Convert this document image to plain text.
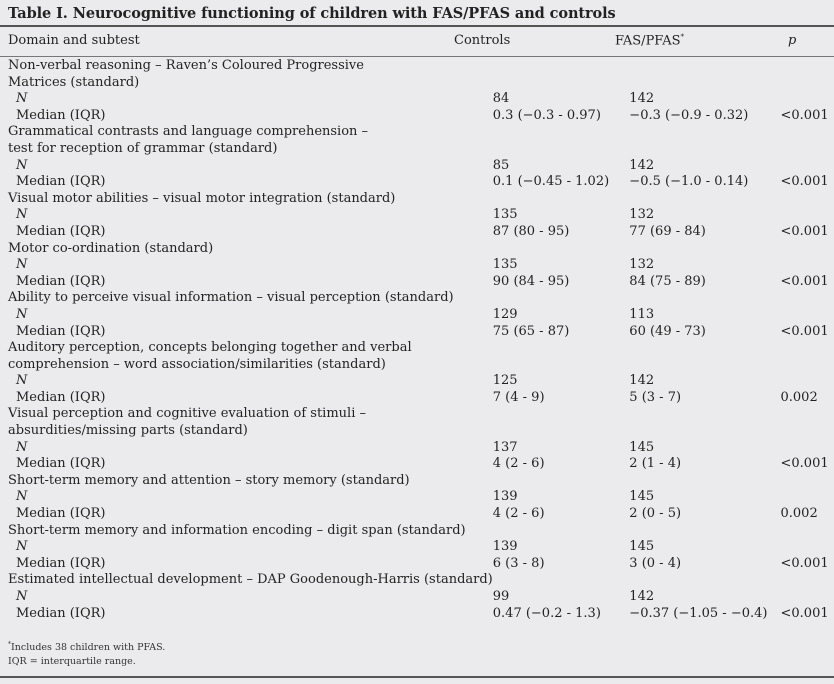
Table I. Neurocognitive functioning of children with FAS/PFAS and controls
Domain and subtest	Controls	FAS/PFAS*	p
Non-verbal reasoning – Raven’s Coloured Progressive			
Matrices (standard)			
N	84	142	
Median (IQR)	0.3 (−0.3 - 0.97)	−0.3 (−0.9 - 0.32)	<0.001
Grammatical contrasts and language comprehension –			
test for reception of grammar (standard)			
N	85	142	
Median (IQR)	0.1 (−0.45 - 1.02)	−0.5 (−1.0 - 0.14)	<0.001
Visual motor abilities – visual motor integration (standard)			
N	135	132	
Median (IQR)	87 (80 - 95)	77 (69 - 84)	<0.001
Motor co-ordination (standard)			
N	135	132	
Median (IQR)	90 (84 - 95)	84 (75 - 89)	<0.001
Ability to perceive visual information – visual perception (standard)			
N	129	113	
Median (IQR)	75 (65 - 87)	60 (49 - 73)	<0.001
Auditory perception, concepts belonging together and verbal			
comprehension – word association/similarities (standard)			
N	125	142	
Median (IQR)	7 (4 - 9)	5 (3 - 7)	0.002
Visual perception and cognitive evaluation of stimuli –			
absurdities/missing parts (standard)			
N	137	145	
Median (IQR)	4 (2 - 6)	2 (1 - 4)	<0.001
Short-term memory and attention – story memory (standard)			
N	139	145	
Median (IQR)	4 (2 - 6)	2 (0 - 5)	0.002
Short-term memory and information encoding – digit span (standard)			
N	139	145	
Median (IQR)	6 (3 - 8)	3 (0 - 4)	<0.001
Estimated intellectual development – DAP Goodenough-Harris (standard)			
N	99	142	
Median (IQR)	0.47 (−0.2 - 1.3)	−0.37 (−1.05 - −0.4)	<0.001
*Includes 38 children with PFAS.
IQR = interquartile range.
